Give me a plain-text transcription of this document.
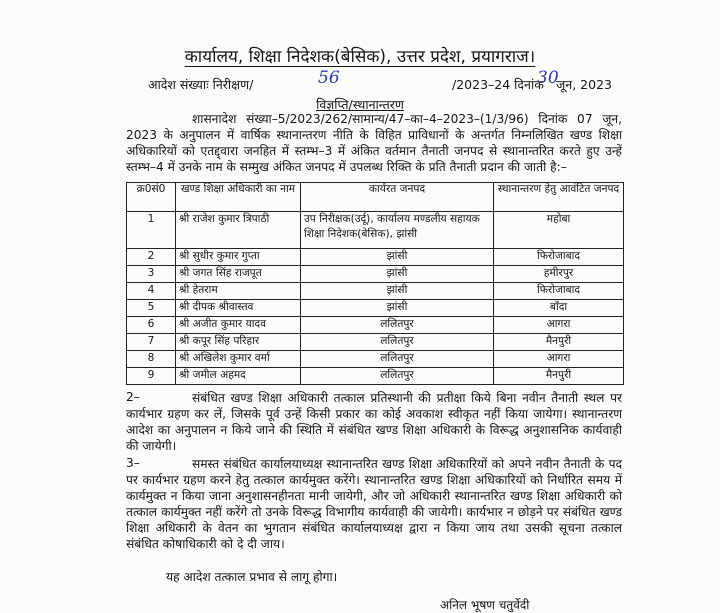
कार्यालय, शिक्षा निदेशक(बेसिक), उत्तर प्रदेश, प्रयागराज।
आदेश संख्याः निरीक्षण/	56	/2023–24 दिनांक
30
जून, 2023
विज्ञप्ति/स्थानान्तरण
शासनादेश संख्या–5/2023/262/सामान्य/47–का–4–2023–(1/3/96) दिनांक 07 जून, 2023 के अनुपालन में वार्षिक स्थानान्तरण नीति के विहित प्राविधानों के अन्तर्गत निम्नलिखित खण्ड शिक्षा अधिकारियों को एतद्द्वारा जनहित में स्तम्भ–3 में अंकित वर्तमान तैनाती जनपद से स्थानान्तरित करते हुए उन्हें स्तम्भ–4 में उनके नाम के सम्मुख अंकित जनपद में उपलब्ध रिक्ति के प्रति तैनाती प्रदान की जाती है:–
क्र0सं0	खण्ड शिक्षा अधिकारी का नाम	कार्यरत जनपद	स्थानान्तरण हेतु आवंटित जनपद
1	श्री राजेश कुमार त्रिपाठी	उप निरीक्षक(उर्दू), कार्यालय मण्डलीय सहायक शिक्षा निदेशक(बेसिक), झांसी	महोबा
2	श्री सुधीर कुमार गुप्ता	झांसी	फिरोजाबाद
3	श्री जगत सिंह राजपूत	झांसी	हमीरपुर
4	श्री हेतराम	झांसी	फिरोजाबाद
5	श्री दीपक श्रीवास्तव	झांसी	बाँदा
6	श्री अजीत कुमार यादव	ललितपुर	आगरा
7	श्री कपूर सिंह परिहार	ललितपुर	मैनपुरी
8	श्री अखिलेश कुमार वर्मा	ललितपुर	आगरा
9	श्री जमील अहमद	ललितपुर	मैनपुरी
2–	संबंधित खण्ड शिक्षा अधिकारी तत्काल प्रतिस्थानी की प्रतीक्षा किये बिना नवीन तैनाती स्थल पर कार्यभार ग्रहण कर लें, जिसके पूर्व उन्हें किसी प्रकार का कोई अवकाश स्वीकृत नहीं किया जायेगा। स्थानान्तरण आदेश का अनुपालन न किये जाने की स्थिति में संबंधित खण्ड शिक्षा अधिकारी के विरूद्ध अनुशासनिक कार्यवाही की जायेगी।
3–	समस्त संबंधित कार्यालयाध्यक्ष स्थानान्तरित खण्ड शिक्षा अधिकारियों को अपने नवीन तैनाती के पद पर कार्यभार ग्रहण करने हेतु तत्काल कार्यमुक्त करेंगे। स्थानान्तरित खण्ड शिक्षा अधिकारियों को निर्धारित समय में कार्यमुक्त न किया जाना अनुशासनहीनता मानी जायेगी, और जो अधिकारी स्थानान्तरित खण्ड शिक्षा अधिकारी को तत्काल कार्यमुक्त नहीं करेंगे तो उनके विरूद्ध विभागीय कार्यवाही की जायेगी। कार्यभार न छोड़ने पर संबंधित खण्ड शिक्षा अधिकारी के वेतन का भुगतान संबंधित कार्यालयाध्यक्ष द्वारा न किया जाय तथा उसकी सूचना तत्काल संबंधित कोषाधिकारी को दे दी जाय।
यह आदेश तत्काल प्रभाव से लागू होगा।
अनिल भूषण चतुर्वेदी
